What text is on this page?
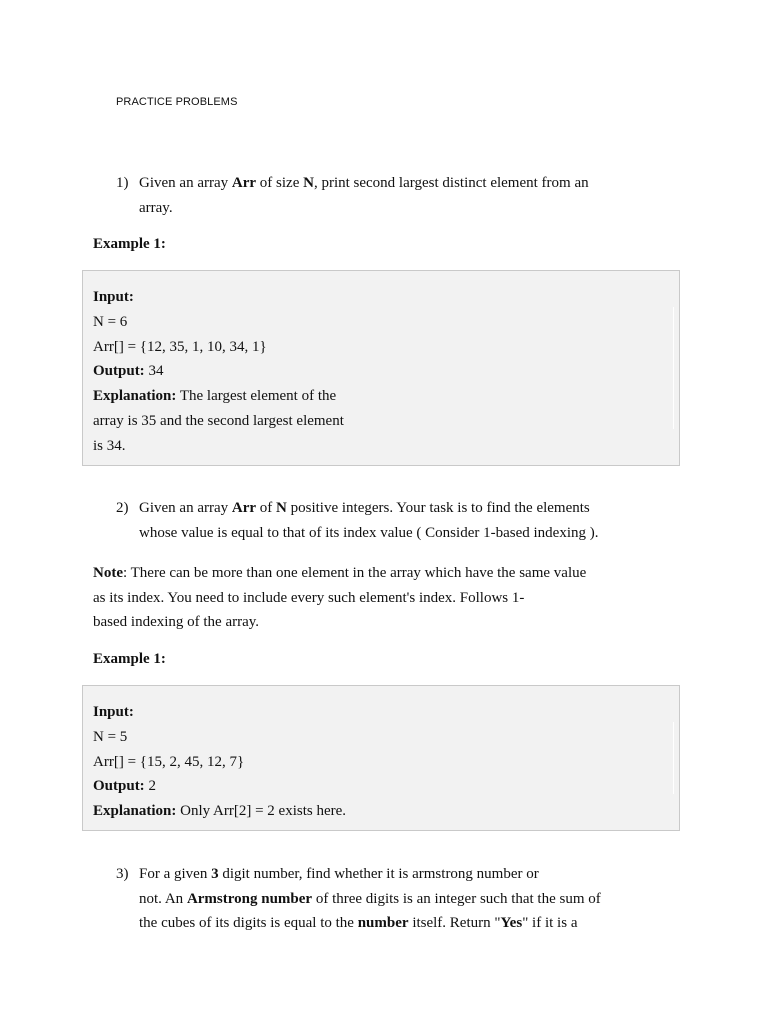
PRACTICE PROBLEMS
1) Given an array Arr of size N, print second largest distinct element from an
array.
Example 1:
Input:
N = 6
Arr[] = {12, 35, 1, 10, 34, 1}
Output: 34
Explanation: The largest element of the
array is 35 and the second largest element
is 34.
2) Given an array Arr of N positive integers. Your task is to find the elements
whose value is equal to that of its index value ( Consider 1-based indexing ).
Note: There can be more than one element in the array which have the same value
as its index. You need to include every such element's index. Follows 1-
based indexing of the array.
Example 1:
Input:
N = 5
Arr[] = {15, 2, 45, 12, 7}
Output: 2
Explanation: Only Arr[2] = 2 exists here.
3) For a given 3 digit number, find whether it is armstrong number or
not. An Armstrong number of three digits is an integer such that the sum of
the cubes of its digits is equal to the number itself. Return "Yes" if it is a
